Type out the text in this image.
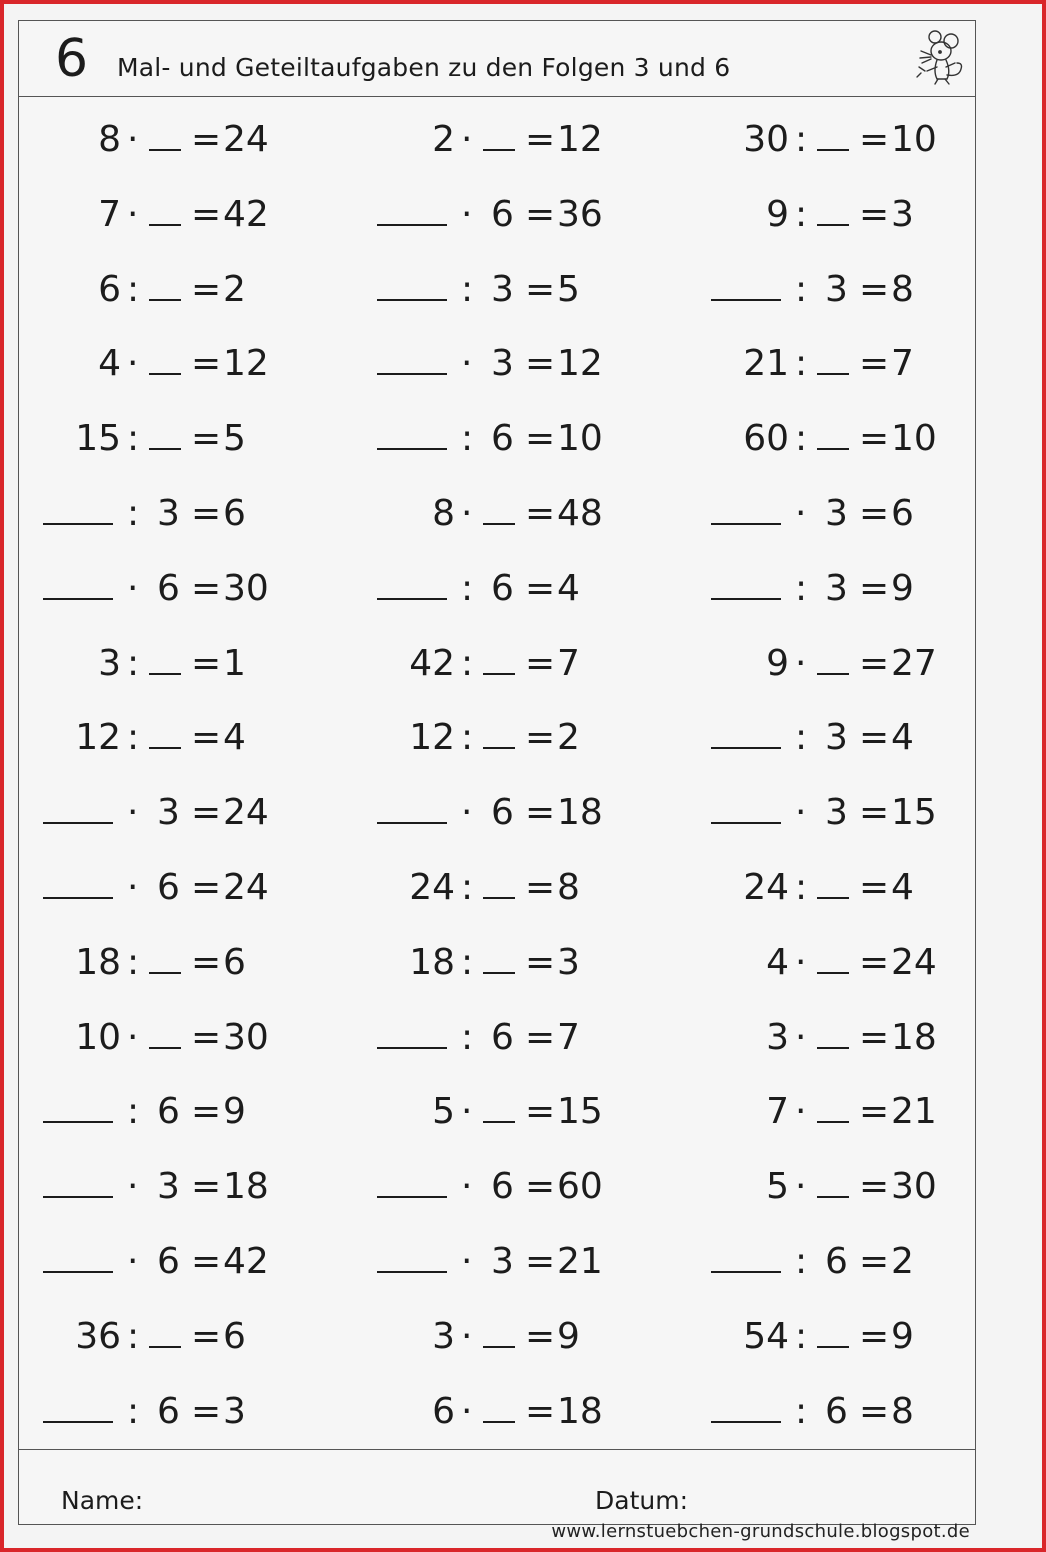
6 Mal- und Geteiltaufgaben zu den Folgen 3 und 6
8 · = 24
7 · = 42
6 : = 2
4 · = 12
15 : = 5
: 3 = 6
· 6 = 30
3 : = 1
12 : = 4
· 3 = 24
· 6 = 24
18 : = 6
10 · = 30
: 6 = 9
· 3 = 18
· 6 = 42
36 : = 6
: 6 = 3
2 · = 12
· 6 = 36
: 3 = 5
· 3 = 12
: 6 = 10
8 · = 48
: 6 = 4
42 : = 7
12 : = 2
· 6 = 18
24 : = 8
18 : = 3
: 6 = 7
5 · = 15
· 6 = 60
· 3 = 21
3 · = 9
6 · = 18
30 : = 10
9 : = 3
: 3 = 8
21 : = 7
60 : = 10
· 3 = 6
: 3 = 9
9 · = 27
: 3 = 4
· 3 = 15
24 : = 4
4 · = 24
3 · = 18
7 · = 21
5 · = 30
: 6 = 2
54 : = 9
: 6 = 8
Name:	Datum:
www.lernstuebchen-grundschule.blogspot.de
